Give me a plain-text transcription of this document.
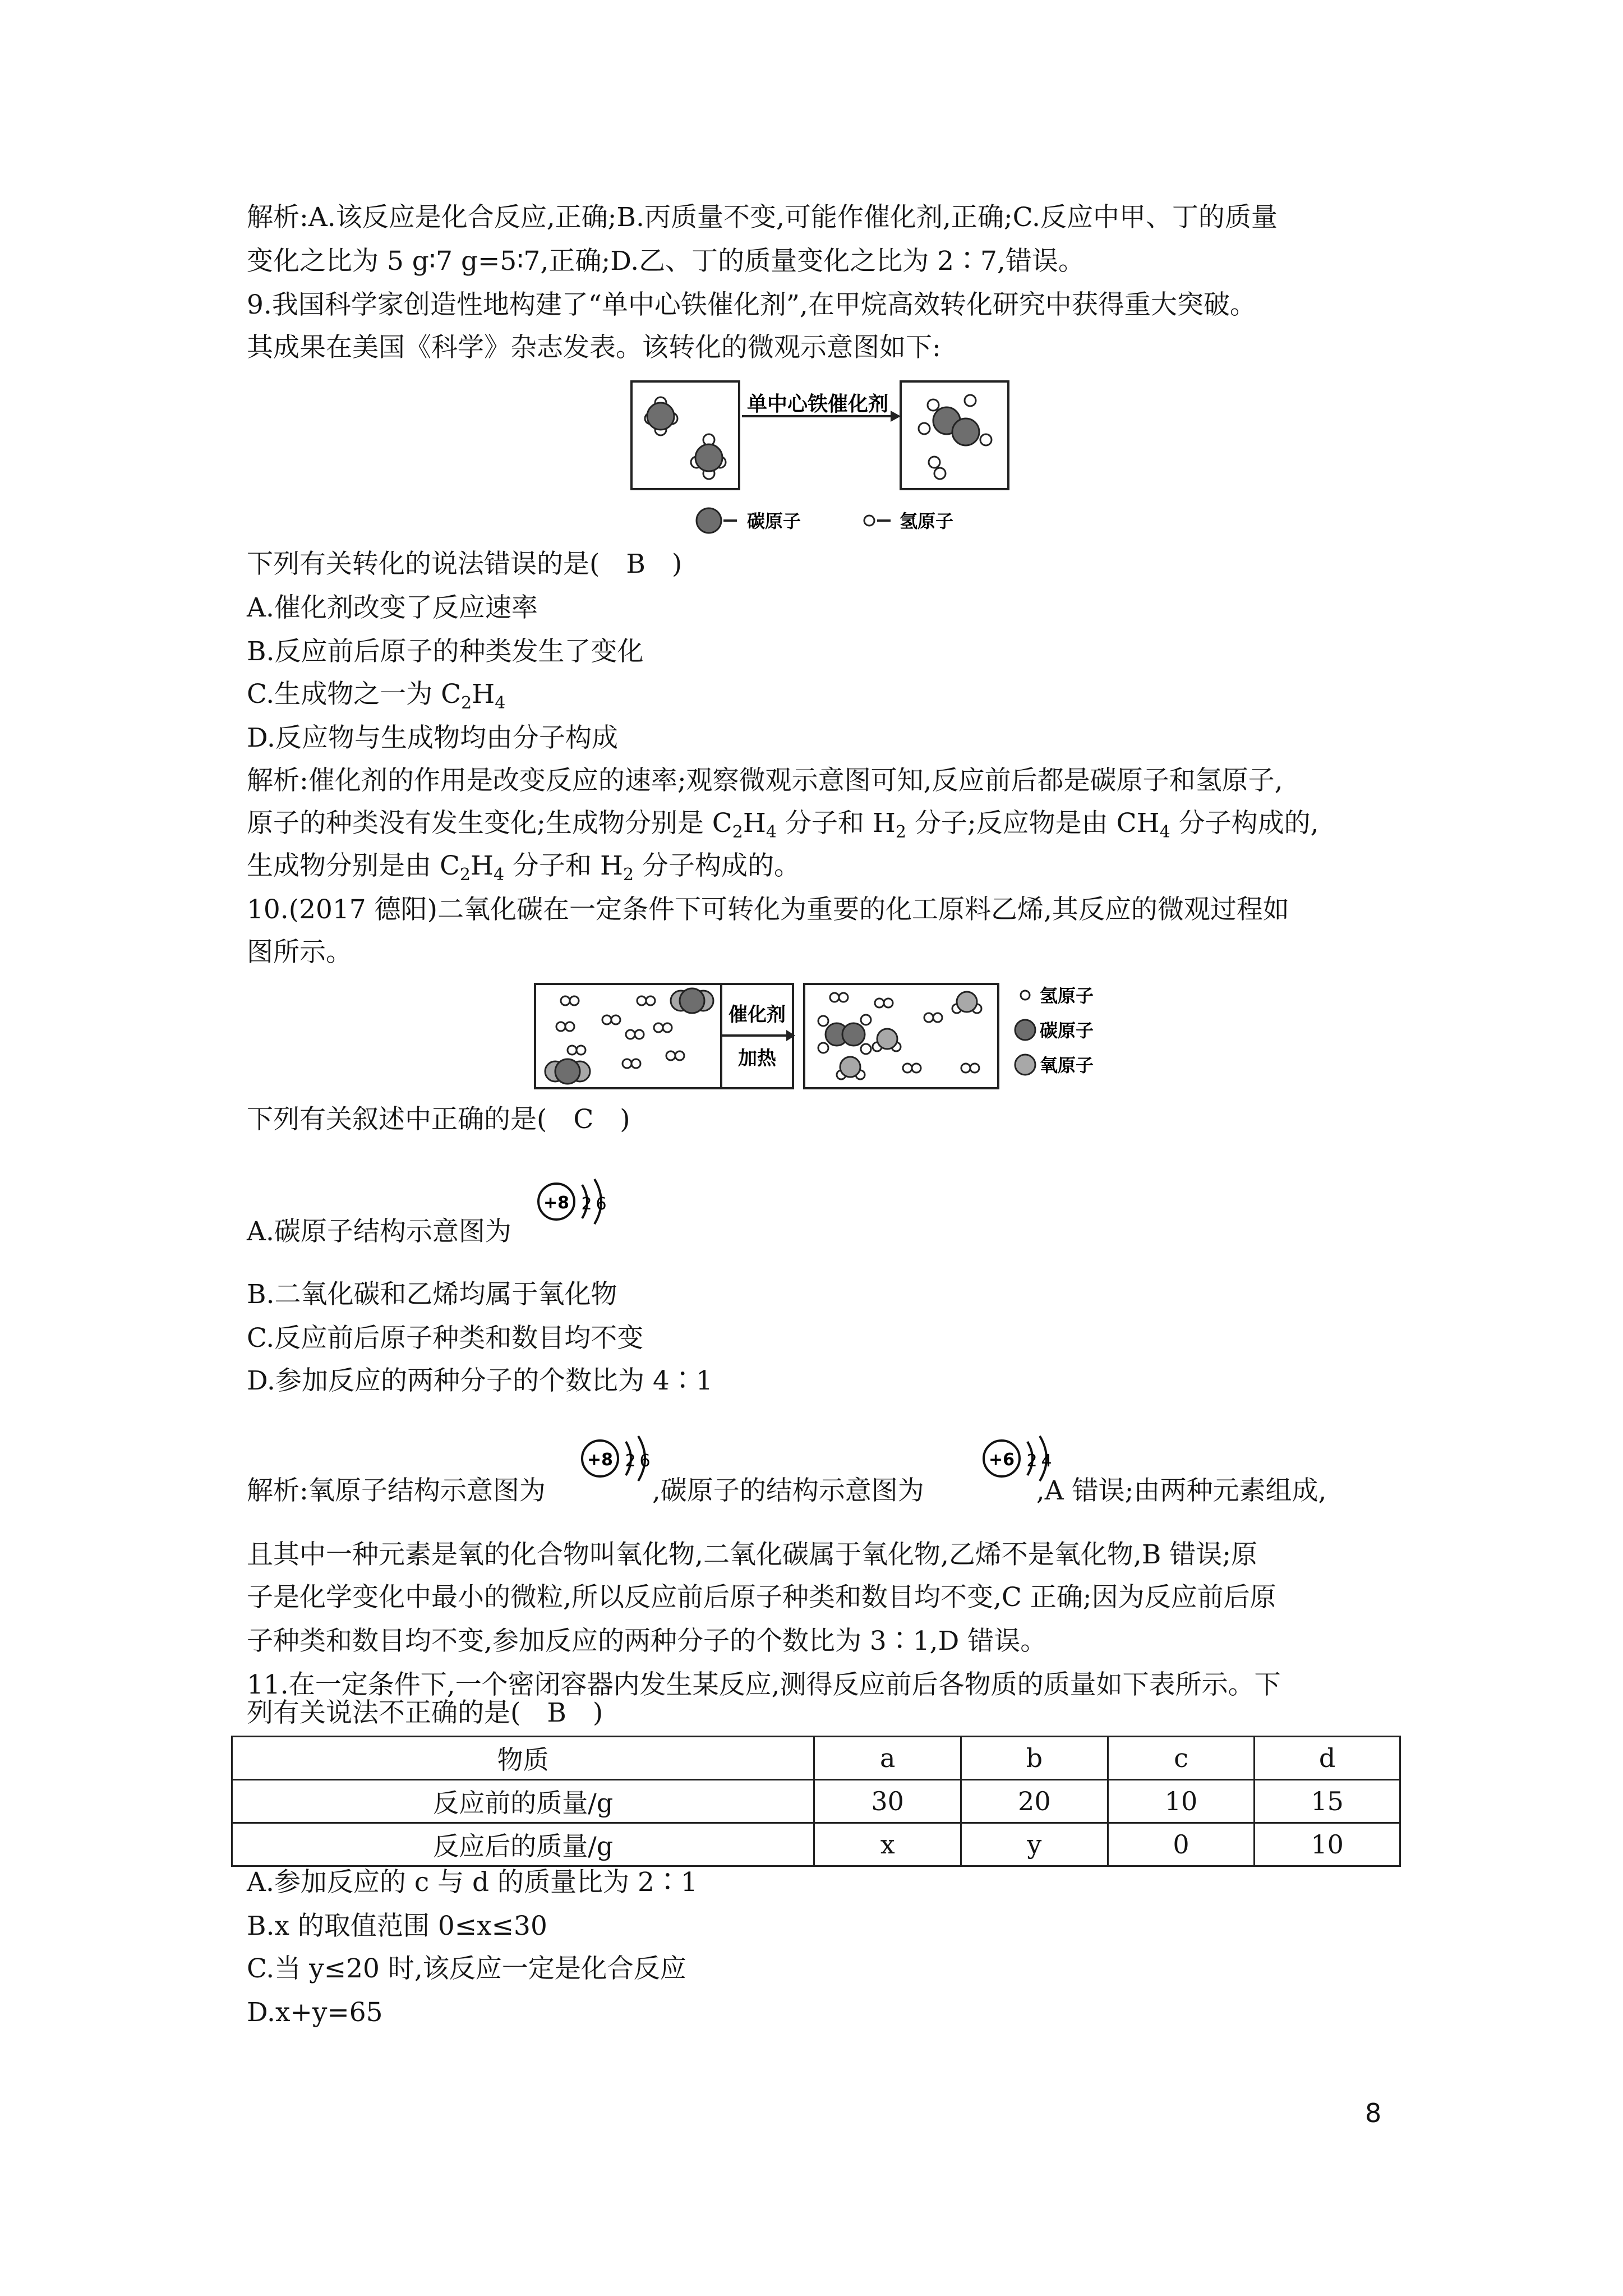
解析:A.该反应是化合反应,正确;B.丙质量不变,可能作催化剂,正确;C.反应中甲、丁的质量
变化之比为 5 g∶7 g=5∶7,正确;D.乙、丁的质量变化之比为 2∶7,错误。
9.我国科学家创造性地构建了“单中心铁催化剂”,在甲烷高效转化研究中获得重大突破。
其成果在美国《科学》杂志发表。该转化的微观示意图如下:
单中心铁催化剂
碳原子	氢原子
下列有关转化的说法错误的是(　B　)
A.催化剂改变了反应速率
B.反应前后原子的种类发生了变化
C.生成物之一为 $C_2H_4$
D.反应物与生成物均由分子构成
解析:催化剂的作用是改变反应的速率;观察微观示意图可知,反应前后都是碳原子和氢原子,
原子的种类没有发生变化;生成物分别是 $C_2H_4$ 分子和 $H_2$ 分子;反应物是由 $CH_4$ 分子构成的,
生成物分别是由 $C_2H_4$ 分子和 $H_2$ 分子构成的。
10.(2017 德阳)二氧化碳在一定条件下可转化为重要的化工原料乙烯,其反应的微观过程如
图所示。
催化剂
加热
氢原子
碳原子
氧原子
下列有关叙述中正确的是(　C　)
A.碳原子结构示意图为
+8 2 6
B.二氧化碳和乙烯均属于氧化物
C.反应前后原子种类和数目均不变
D.参加反应的两种分子的个数比为 4∶1
解析:氧原子结构示意图为	,碳原子的结构示意图为	,A 错误;由两种元素组成,
+8 2 6	+6 2 4
且其中一种元素是氧的化合物叫氧化物,二氧化碳属于氧化物,乙烯不是氧化物,B 错误;原
子是化学变化中最小的微粒,所以反应前后原子种类和数目均不变,C 正确;因为反应前后原
子种类和数目均不变,参加反应的两种分子的个数比为 3∶1,D 错误。
11.在一定条件下,一个密闭容器内发生某反应,测得反应前后各物质的质量如下表所示。下
列有关说法不正确的是(　B　)
物质	a	b	c	d
反应前的质量/g	30	20	10	15
反应后的质量/g	x	y	0	10
A.参加反应的 c 与 d 的质量比为 2∶1
B.x 的取值范围 0≤x≤30
C.当 y≤20 时,该反应一定是化合反应
D.x+y=65
8
